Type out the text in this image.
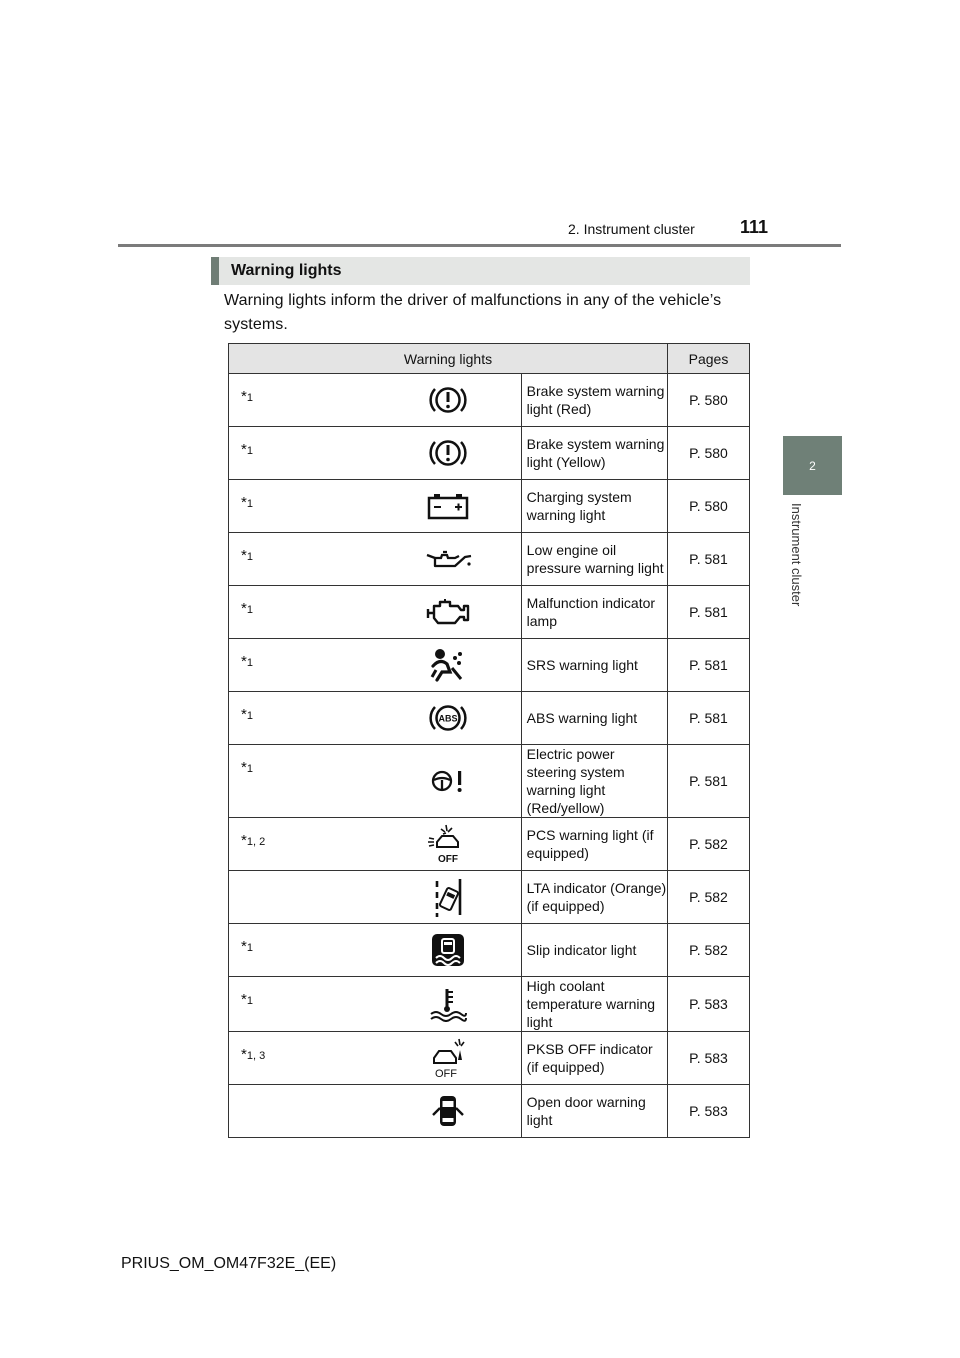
2. Instrument cluster	111
2
Instrument cluster
Warning lights
Warning lights inform the driver of malfunctions in any of the vehicle’s systems.
Warning lights			Pages
*1		Brake system warning light (Red)	P. 580
*1		Brake system warning light (Yellow)	P. 580
*1		Charging system warning light	P. 580
*1		Low engine oil pressure warning light	P. 581
*1		Malfunction indicator lamp	P. 581
*1		SRS warning light	P. 581
*1	ABS	ABS warning light	P. 581
*1		Electric power steering system warning light (Red/yellow)	P. 581
*1, 2	OFF	PCS warning light (if equipped)	P. 582

	LTA indicator (Orange) (if equipped)	P. 582
*1		Slip indicator light	P. 582
*1		High coolant temperature warning light	P. 583
*1, 3	OFF	PKSB OFF indicator (if equipped)	P. 583

	Open door warning light	P. 583
PRIUS_OM_OM47F32E_(EE)
